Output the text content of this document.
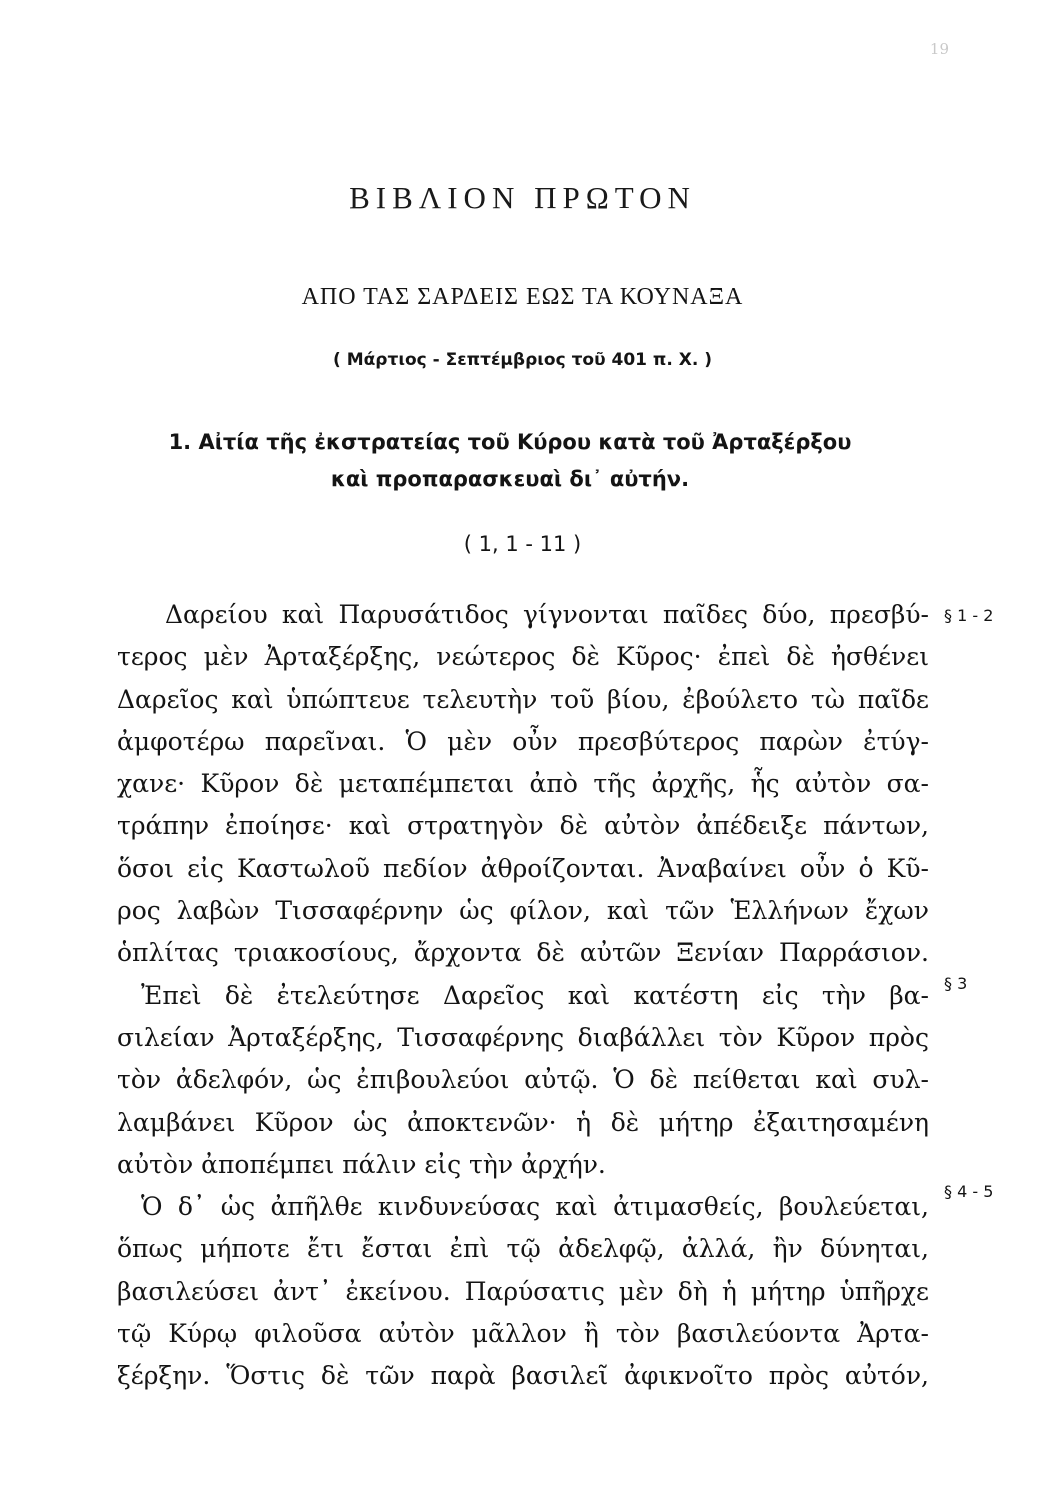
19
ΒΙΒΛΙΟΝ ΠΡΩΤΟΝ
ΑΠΟ ΤΑΣ ΣΑΡΔΕΙΣ ΕΩΣ ΤΑ ΚΟΥΝΑΞΑ
( Μάρτιος - Σεπτέμβριος τοῦ 401 π. Χ. )
1. Αἰτία τῆς ἐκστρατείας τοῦ Κύρου κατὰ τοῦ Ἀρταξέρξου
καὶ προπαρασκευαὶ δι᾿ αὐτήν.
( 1, 1 - 11 )
Δαρείου καὶ Παρυσάτιδος γίγνονται παῖδες δύο, πρεσβύ-
τερος μὲν Ἀρταξέρξης, νεώτερος δὲ Κῦρος· ἐπεὶ δὲ ἠσθένει
Δαρεῖος καὶ ὑπώπτευε τελευτὴν τοῦ βίου, ἐβούλετο τὼ παῖδε
ἀμφοτέρω παρεῖναι. Ὁ μὲν οὖν πρεσβύτερος παρὼν ἐτύγ-
χανε· Κῦρον δὲ μεταπέμπεται ἀπὸ τῆς ἀρχῆς, ἧς αὐτὸν σα-
τράπην ἐποίησε· καὶ στρατηγὸν δὲ αὐτὸν ἀπέδειξε πάντων,
ὅσοι εἰς Καστωλοῦ πεδίον ἀθροίζονται. Ἀναβαίνει οὖν ὁ Κῦ-
ρος λαβὼν Τισσαφέρνην ὡς φίλον, καὶ τῶν Ἑλλήνων ἔχων
ὁπλίτας τριακοσίους, ἄρχοντα δὲ αὐτῶν Ξενίαν Παρράσιον.
Ἐπεὶ δὲ ἐτελεύτησε Δαρεῖος καὶ κατέστη εἰς τὴν βα-
σιλείαν Ἀρταξέρξης, Τισσαφέρνης διαβάλλει τὸν Κῦρον πρὸς
τὸν ἀδελφόν, ὡς ἐπιβουλεύοι αὐτῷ. Ὁ δὲ πείθεται καὶ συλ-
λαμβάνει Κῦρον ὡς ἀποκτενῶν· ἡ δὲ μήτηρ ἐξαιτησαμένη
αὐτὸν ἀποπέμπει πάλιν εἰς τὴν ἀρχήν.
Ὁ δ᾿ ὡς ἀπῆλθε κινδυνεύσας καὶ ἀτιμασθείς, βουλεύεται,
ὅπως μήποτε ἔτι ἔσται ἐπὶ τῷ ἀδελφῷ, ἀλλά, ἢν δύνηται,
βασιλεύσει ἀντ᾿ ἐκείνου. Παρύσατις μὲν δὴ ἡ μήτηρ ὑπῆρχε
τῷ Κύρῳ φιλοῦσα αὐτὸν μᾶλλον ἢ τὸν βασιλεύοντα Ἀρτα-
ξέρξην. Ὅστις δὲ τῶν παρὰ βασιλεῖ ἀφικνοῖτο πρὸς αὐτόν,
§ 1 - 2
§ 3
§ 4 - 5
